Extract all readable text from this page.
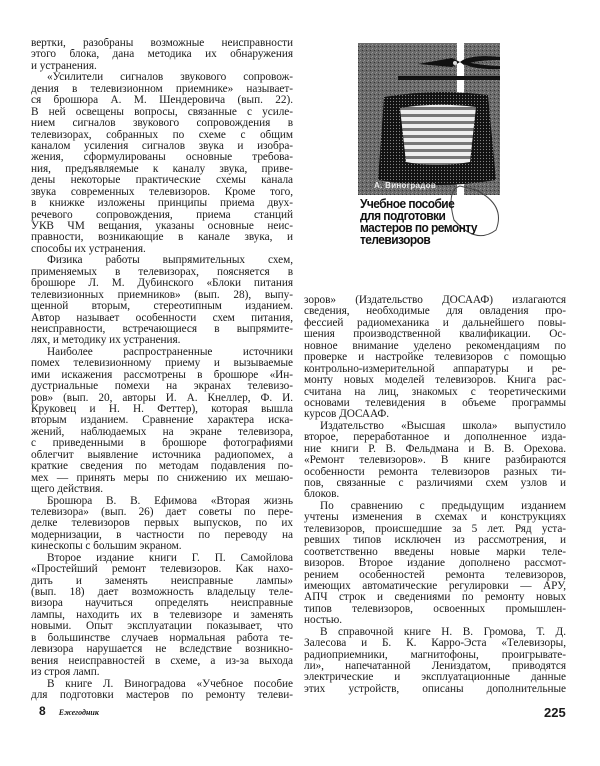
вертки, разобраны возможные неисправности
этого блока, дана методика их обнаружения
и устранения.
«Усилители сигналов звукового сопровож-
дения в телевизионном приемнике» называет-
ся брошюра А. М. Шендеровича (вып. 22).
В ней освещены вопросы, связанные с усиле-
нием сигналов звукового сопровождения в
телевизорах, собранных по схеме с общим
каналом усиления сигналов звука и изобра-
жения, сформулированы основные требова-
ния, предъявляемые к каналу звука, приве-
дены некоторые практические схемы канала
звука современных телевизоров. Кроме того,
в книжке изложены принципы приема двух-
речевого сопровождения, приема станций
УКВ ЧМ вещания, указаны основные неис-
правности, возникающие в канале звука, и
способы их устранения.
Физика работы выпрямительных схем,
применяемых в телевизорах, поясняется в
брошюре Л. М. Дубинского «Блоки питания
телевизионных приемников» (вып. 28), выпу-
щенной вторым, стереотипным изданием.
Автор называет особенности схем питания,
неисправности, встречающиеся в выпрямите-
лях, и методику их устранения.
Наиболее распространенные источники
помех телевизионному приему и вызываемые
ими искажения рассмотрены в брошюре «Ин-
дустриальные помехи на экранах телевизо-
ров» (вып. 20, авторы И. А. Кнеллер, Ф. И.
Круковец и Н. Н. Феттер), которая вышла
вторым изданием. Сравнение характера иска-
жений, наблюдаемых на экране телевизора,
с приведенными в брошюре фотографиями
облегчит выявление источника радиопомех, а
краткие сведения по методам подавления по-
мех — принять меры по снижению их мешаю-
щего действия.
Брошюра В. В. Ефимова «Вторая жизнь
телевизора» (вып. 26) дает советы по пере-
делке телевизоров первых выпусков, по их
модернизации, в частности по переводу на
кинескопы с большим экраном.
Второе издание книги Г. П. Самойлова
«Простейший ремонт телевизоров. Как нахо-
дить и заменять неисправные лампы»
(вып. 18) дает возможность владельцу теле-
визора научиться определять неисправные
лампы, находить их в телевизоре и заменять
новыми. Опыт эксплуатации показывает, что
в большинстве случаев нормальная работа те-
левизора нарушается не вследствие возникно-
вения неисправностей в схеме, а из-за выхода
из строя ламп.
В книге Л. Виноградова «Учебное пособие
для подготовки мастеров по ремонту телеви-
зоров» (Издательство ДОСААФ) излагаются
сведения, необходимые для овладения про-
фессией радиомеханика и дальнейшего повы-
шения производственной квалификации. Ос-
новное внимание уделено рекомендациям по
проверке и настройке телевизоров с помощью
контрольно-измерительной аппаратуры и ре-
монту новых моделей телевизоров. Книга рас-
считана на лиц, знакомых с теоретическими
основами телевидения в объеме программы
курсов ДОСААФ.
Издательство «Высшая школа» выпустило
второе, переработанное и дополненное изда-
ние книги Р. В. Фельдмана и В. В. Орехова.
«Ремонт телевизоров». В книге разбираются
особенности ремонта телевизоров разных ти-
пов, связанные с различиями схем узлов и
блоков.
По сравнению с предыдущим изданием
учтены изменения в схемах и конструкциях
телевизоров, происшедшие за 5 лет. Ряд уста-
ревших типов исключен из рассмотрения, и
соответственно введены новые марки теле-
визоров. Второе издание дополнено рассмот-
рением особенностей ремонта телевизоров,
имеющих автоматические регулировки — АРУ,
АПЧ строк и сведениями по ремонту новых
типов телевизоров, освоенных промышлен-
ностью.
В справочной книге Н. В. Громова, Т. Д.
Залесова и Б. К. Карро-Эста «Телевизоры,
радиоприемники, магнитофоны, проигрывате-
ли», напечатанной Лениздатом, приводятся
электрические и эксплуатационные данные
этих устройств, описаны дополнительные
А. Виноградов
Учебное пособие
для подготовки
мастеров по ремонту
телевизоров
8 Ежегодник	225
